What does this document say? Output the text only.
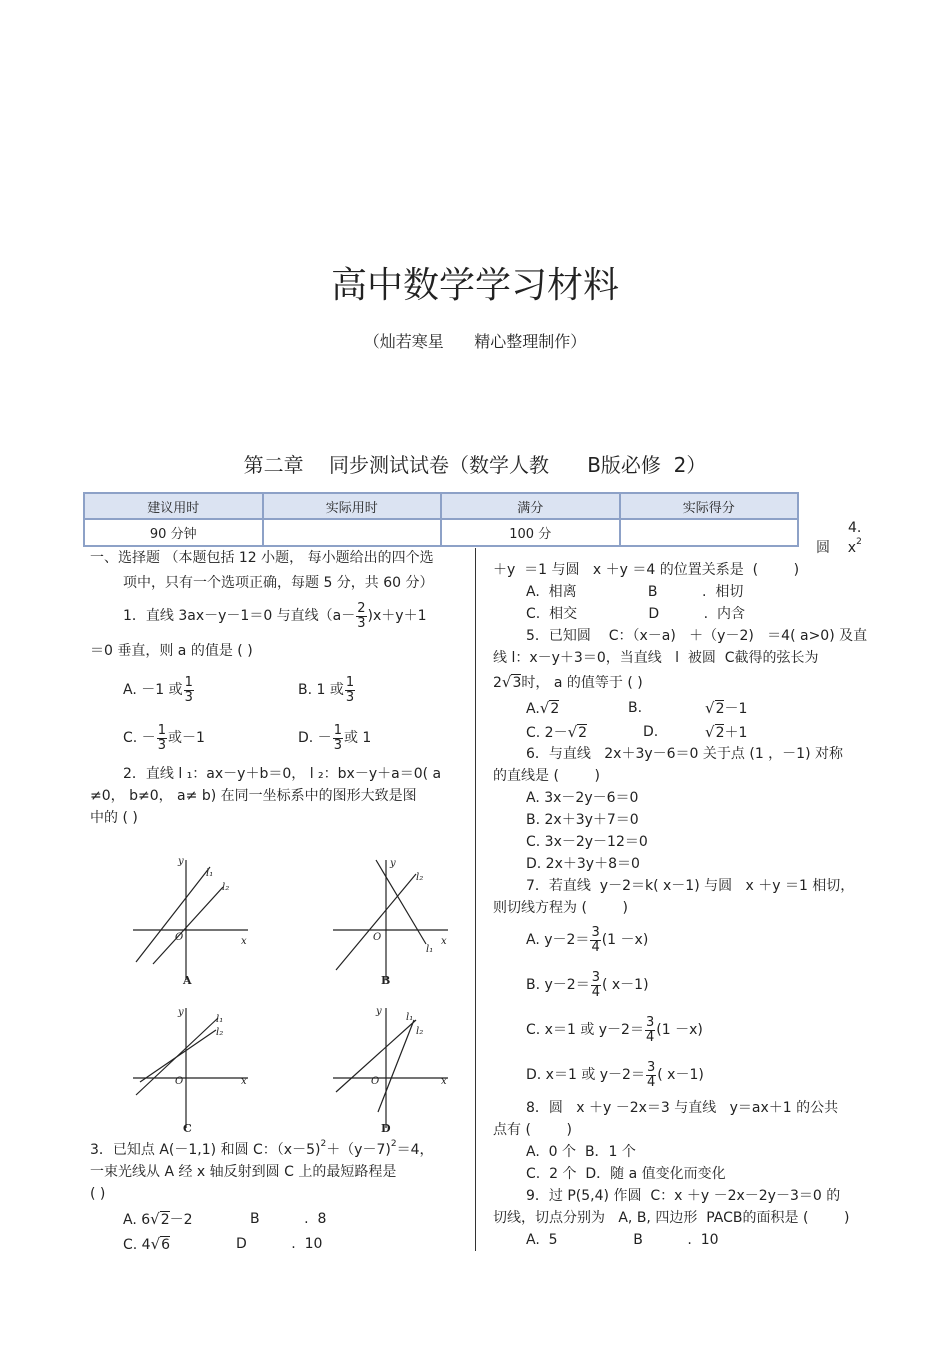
高中数学学习材料
（灿若寒星      精心整理制作）
第二章    同步测试试卷（数学人教      B版必修  2）
建议用时	实际用时	满分	实际得分
90 分钟		100 分	
一、选择题 （本题包括 12 小题， 每小题给出的四个选
项中，只有一个选项正确，每题 5 分，共 60 分）
1．直线 3ax－y－1＝0 与直线$(a- \frac{2}{3} )x+y+1$
＝0 垂直，则 a 的值是 ( )
A. －1 或 $\frac{1}{3}$	B. 1 或 $\frac{1}{3}$
C. － $\frac{1}{3}$ 或－1	D. － $\frac{1}{3}$ 或 1
2．直线 l ₁：ax－y＋b＝0， l ₂：bx－y＋a＝0( a
≠0， b≠0， a≠ b) 在同一坐标系中的图形大致是图
中的 ( )
y
x
O
l₁
l₂
A
y
x
O
l₂
l₁
B
y
x
O
l₁
l₂
C
y
x
O
l₁
l₂
D
3．已知点 A(－1,1) 和圆 C：（x－5)$^2$＋（y－7)$^2$＝4，
一束光线从 A 经 x 轴反射到圆 C 上的最短路程是
( )
A. 6√2－2	B          .  8
C. 4√6	D          .  10
4.
圆    $x^2$
＋y  ＝1 与圆   x ＋y ＝4 的位置关系是  (        )
A.  相离                B          .  相切
C.  相交                D          .  内含
5．已知圆    C：（x－a)   ＋（y－2)   ＝4( a>0) 及直
线 l：x－y＋3＝0，当直线   l  被圆  C截得的弦长为
2√3时， a 的值等于 ( )
A.√2	B.	√2－1
C. 2－√2	D.	√2＋1
6．与直线   2x＋3y－6＝0 关于点 (1 ，－1) 对称
的直线是 (        )
A. 3x－2y－6＝0
B. 2x＋3y＋7＝0
C. 3x－2y－12＝0
D. 2x＋3y＋8＝0
7．若直线  y－2＝k( x－1) 与圆   x ＋y ＝1 相切，
则切线方程为 (        )
A. $y-2= \frac{3}{4} (1 -x)$
B. $y-2= \frac{3}{4}$ ( x－1)
C. x＝1 或 $y-2= \frac{3}{4} (1 -x)$
D. x＝1 或 $y-2= \frac{3}{4}$ ( x－1)
8．圆   x ＋y －2x＝3 与直线   y＝ax＋1 的公共
点有 (        )
A.  0 个  B．1 个
C.  2 个  D．随 a 值变化而变化
9．过 P(5,4) 作圆  C：x ＋y －2x－2y－3＝0 的
切线，切点分别为   A, B, 四边形  PACB的面积是 (        )
A.  5                 B          .  10
